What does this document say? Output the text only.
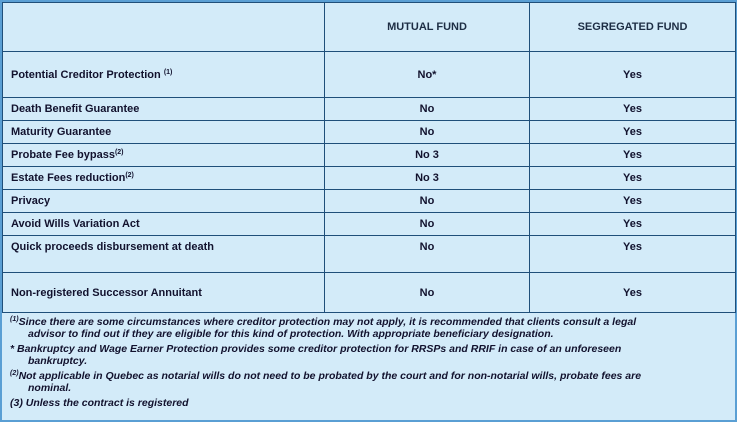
	MUTUAL FUND	SEGREGATED FUND
Potential Creditor Protection $^{(1)}$	No*	Yes
Death Benefit Guarantee	No	Yes
Maturity Guarantee	No	Yes
Probate Fee bypass$^{(2)}$	No 3	Yes
Estate Fees reduction$^{(2)}$	No 3	Yes
Privacy	No	Yes
Avoid Wills Variation Act	No	Yes
Quick proceeds disbursement at death	No	Yes
Non-registered Successor Annuitant	No	Yes
$^{(1)}$Since there are some circumstances where creditor protection may not apply, it is recommended that clients consult a legal
advisor to find out if they are eligible for this kind of protection. With appropriate beneficiary designation.
* Bankruptcy and Wage Earner Protection provides some creditor protection for RRSPs and RRIF in case of an unforeseen
bankruptcy.
$^{(2)}$Not applicable in Quebec as notarial wills do not need to be probated by the court and for non-notarial wills, probate fees are
nominal.
(3) Unless the contract is registered
